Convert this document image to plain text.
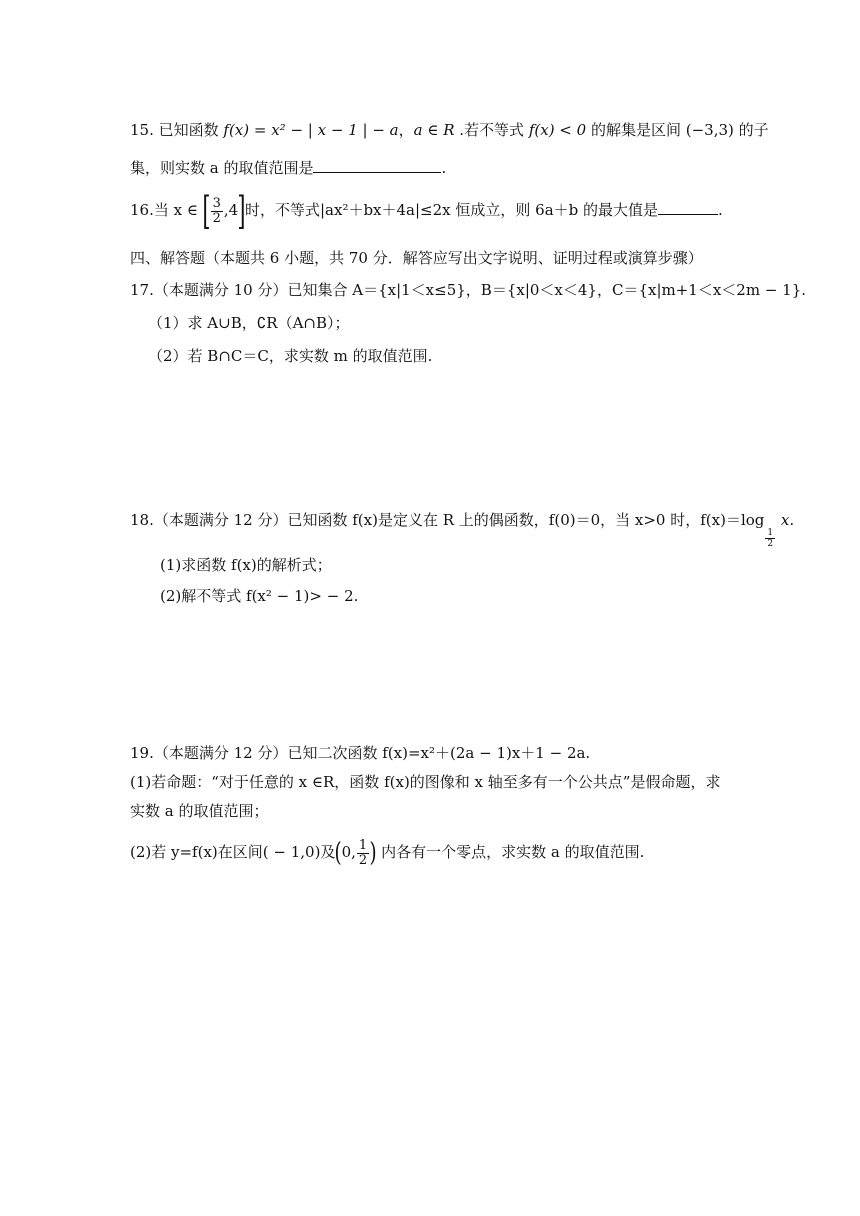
15. 已知函数 f(x) = x² − | x − 1 | − a，a ∈ R .若不等式 f(x) < 0 的解集是区间 (−3,3) 的子
集，则实数 a 的取值范围是	.
16.当 x ∈ [ $\frac{3}{2} ,4$]时，不等式|ax²＋bx＋4a|≤2x 恒成立，则 6a＋b 的最大值是	.
四、解答题（本题共 6 小题，共 70 分．解答应写出文字说明、证明过程或演算步骤）
17.（本题满分 10 分）已知集合 A＝{x|1＜x≤5}，B＝{x|0＜x＜4}，C＝{x|m+1＜x＜2m − 1}.
（1）求 A∪B，∁R（A∩B）；
（2）若 B∩C＝C，求实数 m 的取值范围.
18.（本题满分 12 分）已知函数 f(x)是定义在 R 上的偶函数，f(0)＝0，当 x>0 时，f(x)＝log
$\frac{1}{2}$
x.
(1)求函数 f(x)的解析式；
(2)解不等式 f(x² − 1)> − 2.
19.（本题满分 12 分）已知二次函数 f(x)=x²＋(2a − 1)x＋1 − 2a.
(1)若命题：“对于任意的 x ∈R，函数 f(x)的图像和 x 轴至多有一个公共点”是假命题，求
实数 a 的取值范围；
(2)若 y=f(x)在区间( − 1,0)及(0, $\frac{1}{2}$ ) 内各有一个零点，求实数 a 的取值范围.
